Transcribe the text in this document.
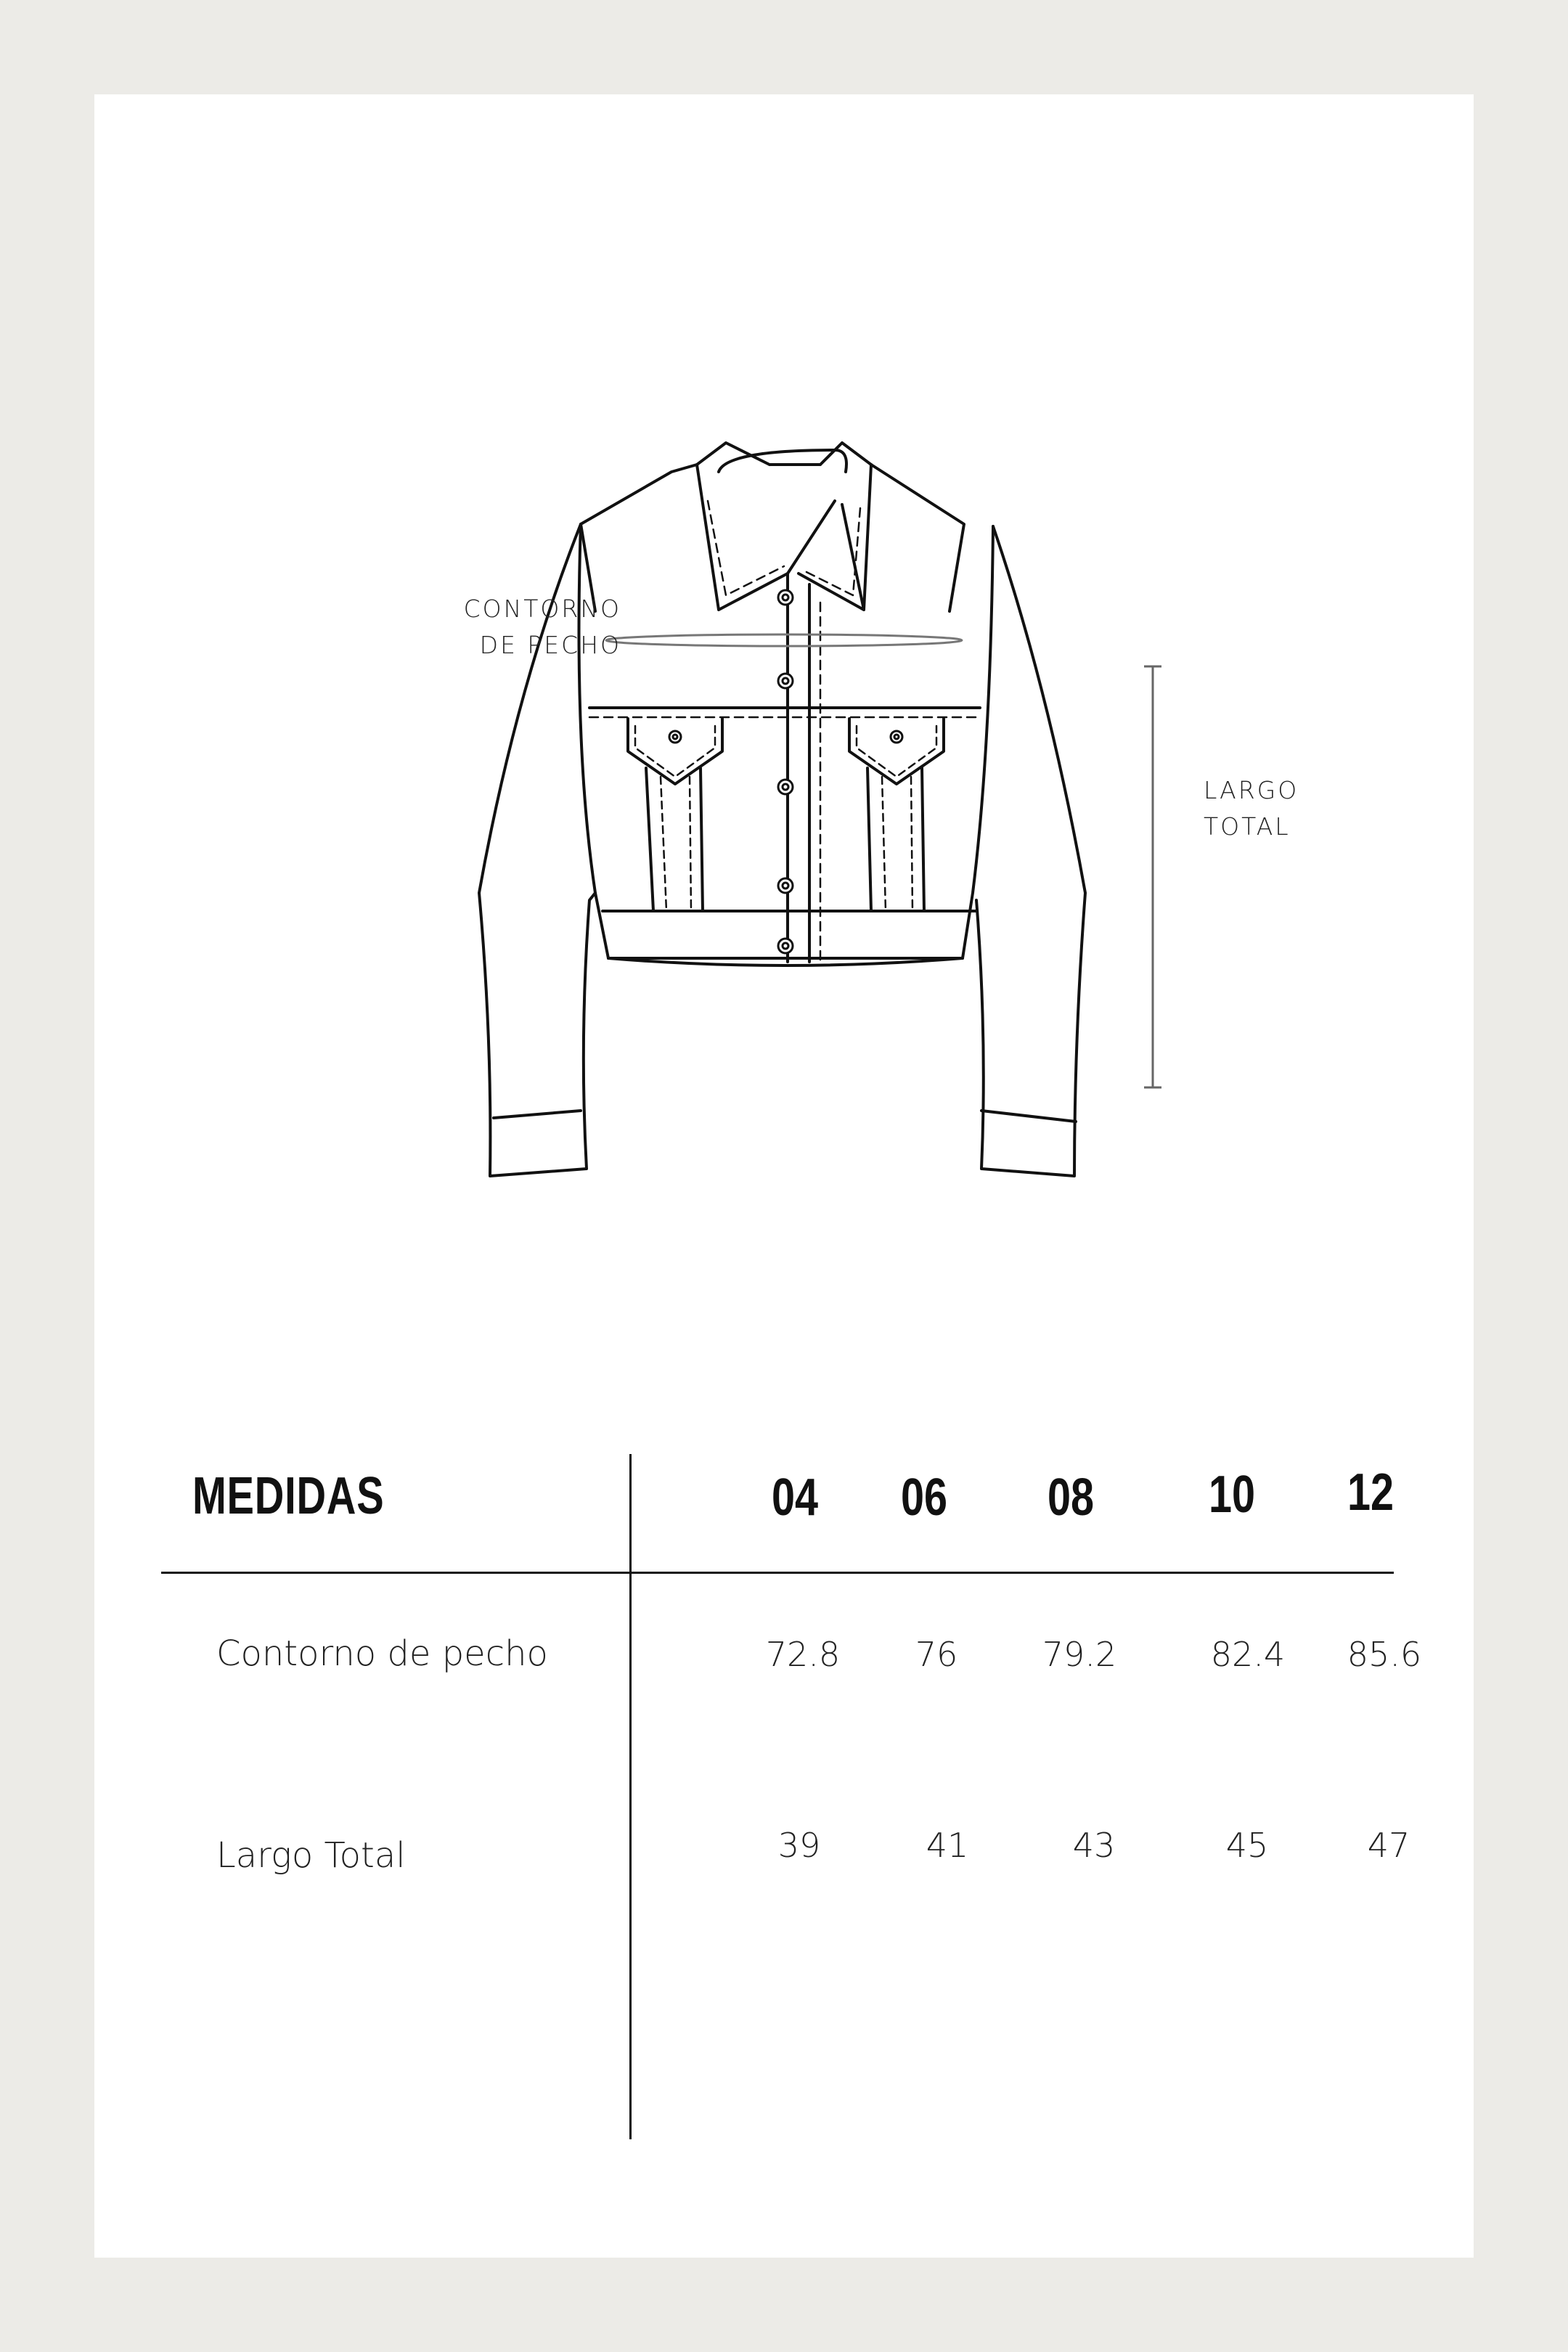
CONTORNO
DE PECHO
LARGO
TOTAL
MEDIDAS	04	06	08	10	12
Contorno de pecho	72.8	76	79.2	82.4	85.6
Largo Total	39	41	43	45	47
